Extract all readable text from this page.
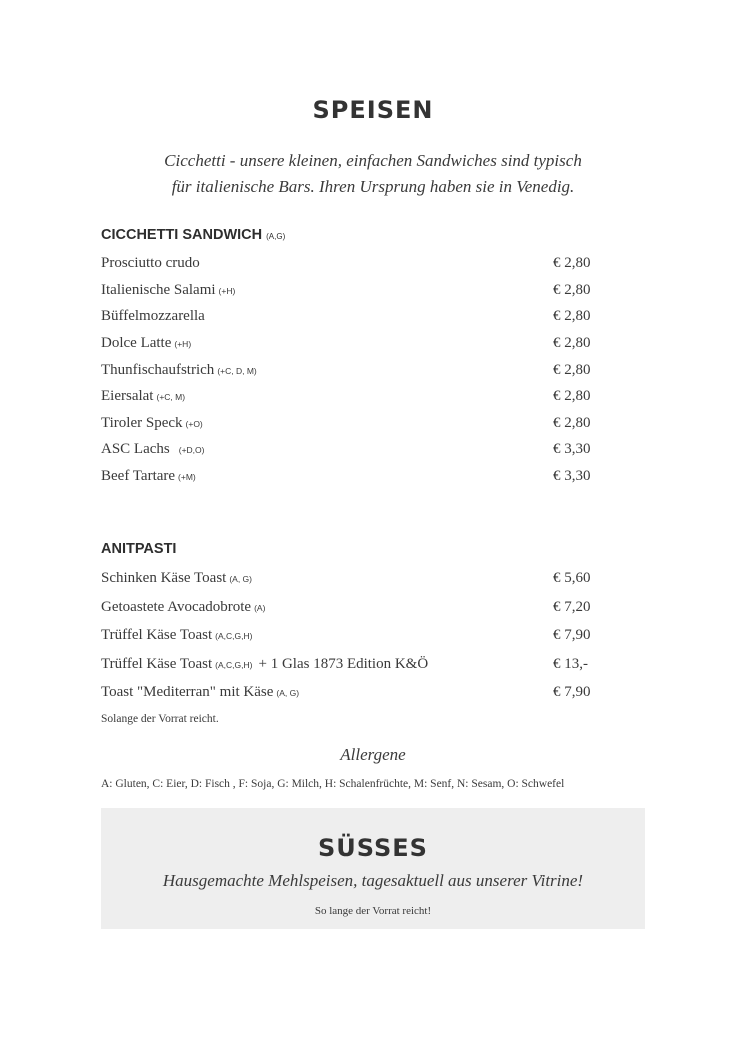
SPEISEN
Cicchetti - unsere kleinen, einfachen Sandwiches sind typisch
für italienische Bars. Ihren Ursprung haben sie in Venedig.
CICCHETTI SANDWICH (A,G)
Prosciutto crudo	€ 2,80
Italienische Salami (+H)	€ 2,80
Büffelmozzarella	€ 2,80
Dolce Latte (+H)	€ 2,80
Thunfischaufstrich (+C, D, M)	€ 2,80
Eiersalat (+C, M)	€ 2,80
Tiroler Speck (+O)	€ 2,80
ASC Lachs (+D,O)	€ 3,30
Beef Tartare (+M)	€ 3,30
ANITPASTI
Schinken Käse Toast (A, G)	€ 5,60
Getoastete Avocadobrote (A)	€ 7,20
Trüffel Käse Toast (A,C,G,H)	€ 7,90
Trüffel Käse Toast (A,C,G,H) + 1 Glas 1873 Edition K&Ö	€ 13,-
Toast "Mediterran" mit Käse (A, G)	€ 7,90
Solange der Vorrat reicht.
Allergene
A: Gluten, C: Eier, D: Fisch , F: Soja, G: Milch, H: Schalenfrüchte, M: Senf, N: Sesam, O: Schwefel
SÜSSES
Hausgemachte Mehlspeisen, tagesaktuell aus unserer Vitrine!
So lange der Vorrat reicht!
